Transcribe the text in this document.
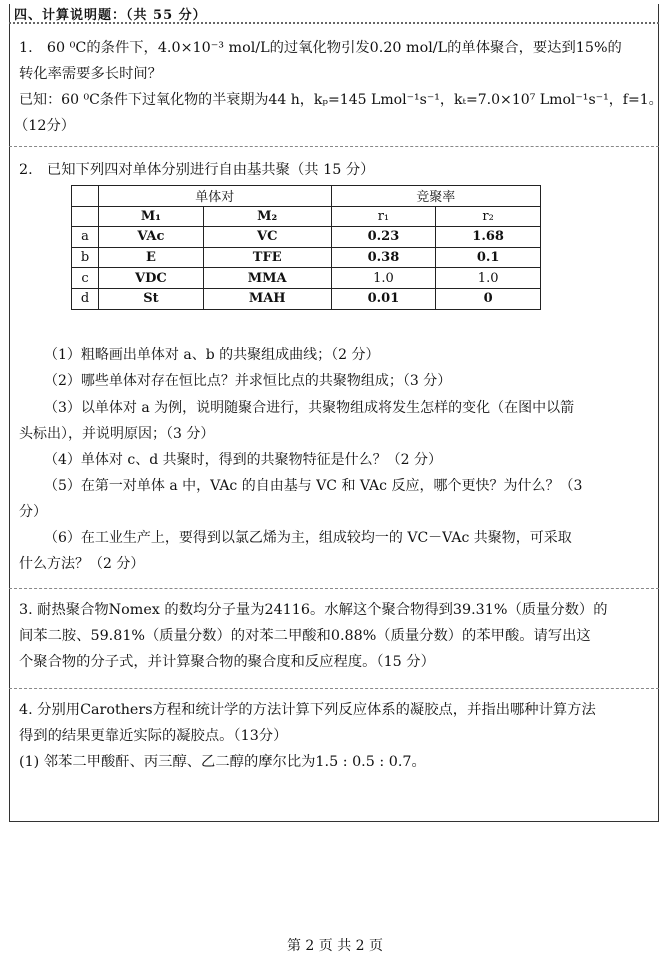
四、计算说明题：（共 55 分）
1.　60 ⁰C的条件下，4.0×10⁻³ mol/L的过氧化物引发0.20 mol/L的单体聚合，要达到15%的
转化率需要多长时间？
已知：60 ⁰C条件下过氧化物的半衰期为44 h，kₚ=145 Lmol⁻¹s⁻¹，kₜ=7.0×10⁷ Lmol⁻¹s⁻¹，f=1。
（12分）
2.　已知下列四对单体分别进行自由基共聚（共 15 分）
	单体对		竞聚率	
	M₁	M₂	r₁	r₂
a	VAc	VC	0.23	1.68
b	E	TFE	0.38	0.1
c	VDC	MMA	1.0	1.0
d	St	MAH	0.01	0
（1）粗略画出单体对 a、b 的共聚组成曲线；（2 分）
（2）哪些单体对存在恒比点？并求恒比点的共聚物组成；（3 分）
（3）以单体对 a 为例，说明随聚合进行，共聚物组成将发生怎样的变化（在图中以箭
头标出），并说明原因；（3 分）
（4）单体对 c、d 共聚时，得到的共聚物特征是什么？（2 分）
（5）在第一对单体 a 中，VAc 的自由基与 VC 和 VAc 反应，哪个更快？为什么？（3
分）
（6）在工业生产上，要得到以氯乙烯为主，组成较均一的 VC－VAc 共聚物，可采取
什么方法？（2 分）
3. 耐热聚合物Nomex 的数均分子量为24116。水解这个聚合物得到39.31%（质量分数）的
间苯二胺、59.81%（质量分数）的对苯二甲酸和0.88%（质量分数）的苯甲酸。请写出这
个聚合物的分子式，并计算聚合物的聚合度和反应程度。（15 分）
4. 分别用Carothers方程和统计学的方法计算下列反应体系的凝胶点，并指出哪种计算方法
得到的结果更靠近实际的凝胶点。（13分）
(1) 邻苯二甲酸酐、丙三醇、乙二醇的摩尔比为1.5 : 0.5 : 0.7。
第 2 页 共 2 页
